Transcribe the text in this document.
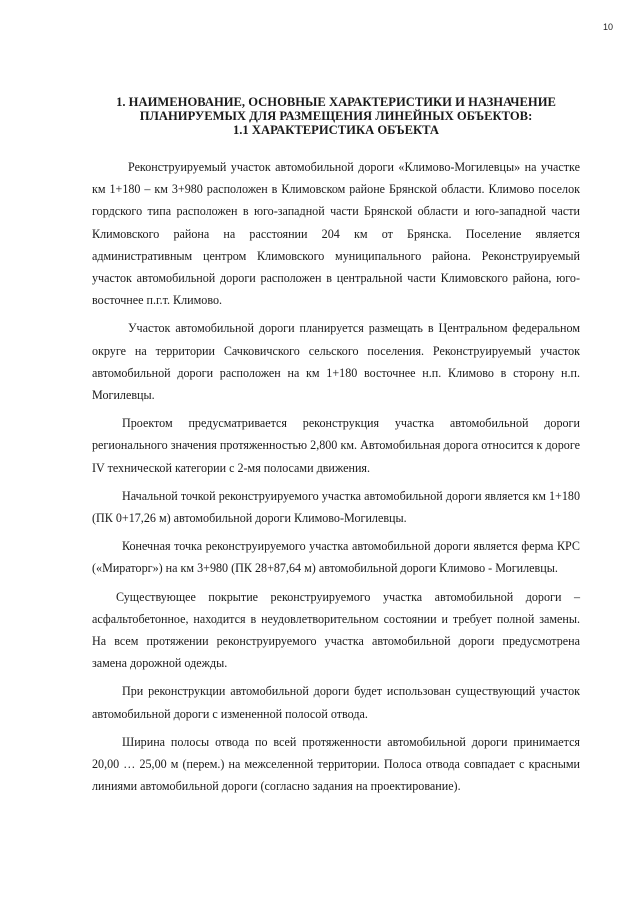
10
1. НАИМЕНОВАНИЕ, ОСНОВНЫЕ ХАРАКТЕРИСТИКИ И НАЗНАЧЕНИЕ
ПЛАНИРУЕМЫХ ДЛЯ РАЗМЕЩЕНИЯ ЛИНЕЙНЫХ ОБЪЕКТОВ:
1.1 ХАРАКТЕРИСТИКА ОБЪЕКТА

Реконструируемый участок автомобильной дороги «Климово-Могилевцы» на участке км 1+180 – км 3+980 расположен в Климовском районе Брянской области. Климово поселок гордского типа расположен в юго-западной части Брянской области и юго-западной части Климовского района на расстоянии 204 км от Брянска. Поселение является административным центром Климовского муниципального района. Реконструируемый участок автомобильной дороги расположен в центральной части Климовского района, юго-восточнее п.г.т. Климово.

Участок автомобильной дороги планируется размещать в Центральном федеральном округе на территории Сачковичского сельского поселения. Реконструируемый участок автомобильной дороги расположен на км 1+180 восточнее н.п. Климово в сторону н.п. Могилевцы.

Проектом предусматривается реконструкция участка автомобильной дороги регионального значения протяженностью 2,800 км. Автомобильная дорога относится к дороге IV технической категории с 2-мя полосами движения.

Начальной точкой реконструируемого участка автомобильной дороги является км 1+180 (ПК 0+17,26 м) автомобильной дороги Климово-Могилевцы.

Конечная точка реконструируемого участка автомобильной дороги является ферма КРС («Мираторг») на км 3+980 (ПК 28+87,64 м) автомобильной дороги Климово - Могилевцы.

Существующее покрытие реконструируемого участка автомобильной дороги – асфальтобетонное, находится в неудовлетворительном состоянии и требует полной замены. На всем протяжении реконструируемого участка автомобильной дороги предусмотрена замена дорожной одежды.

При реконструкции автомобильной дороги будет использован существующий участок автомобильной дороги с измененной полосой отвода.

Ширина полосы отвода по всей протяженности автомобильной дороги принимается 20,00 … 25,00 м (перем.) на межселенной территории. Полоса отвода совпадает с красными линиями автомобильной дороги (согласно задания на проектирование).
